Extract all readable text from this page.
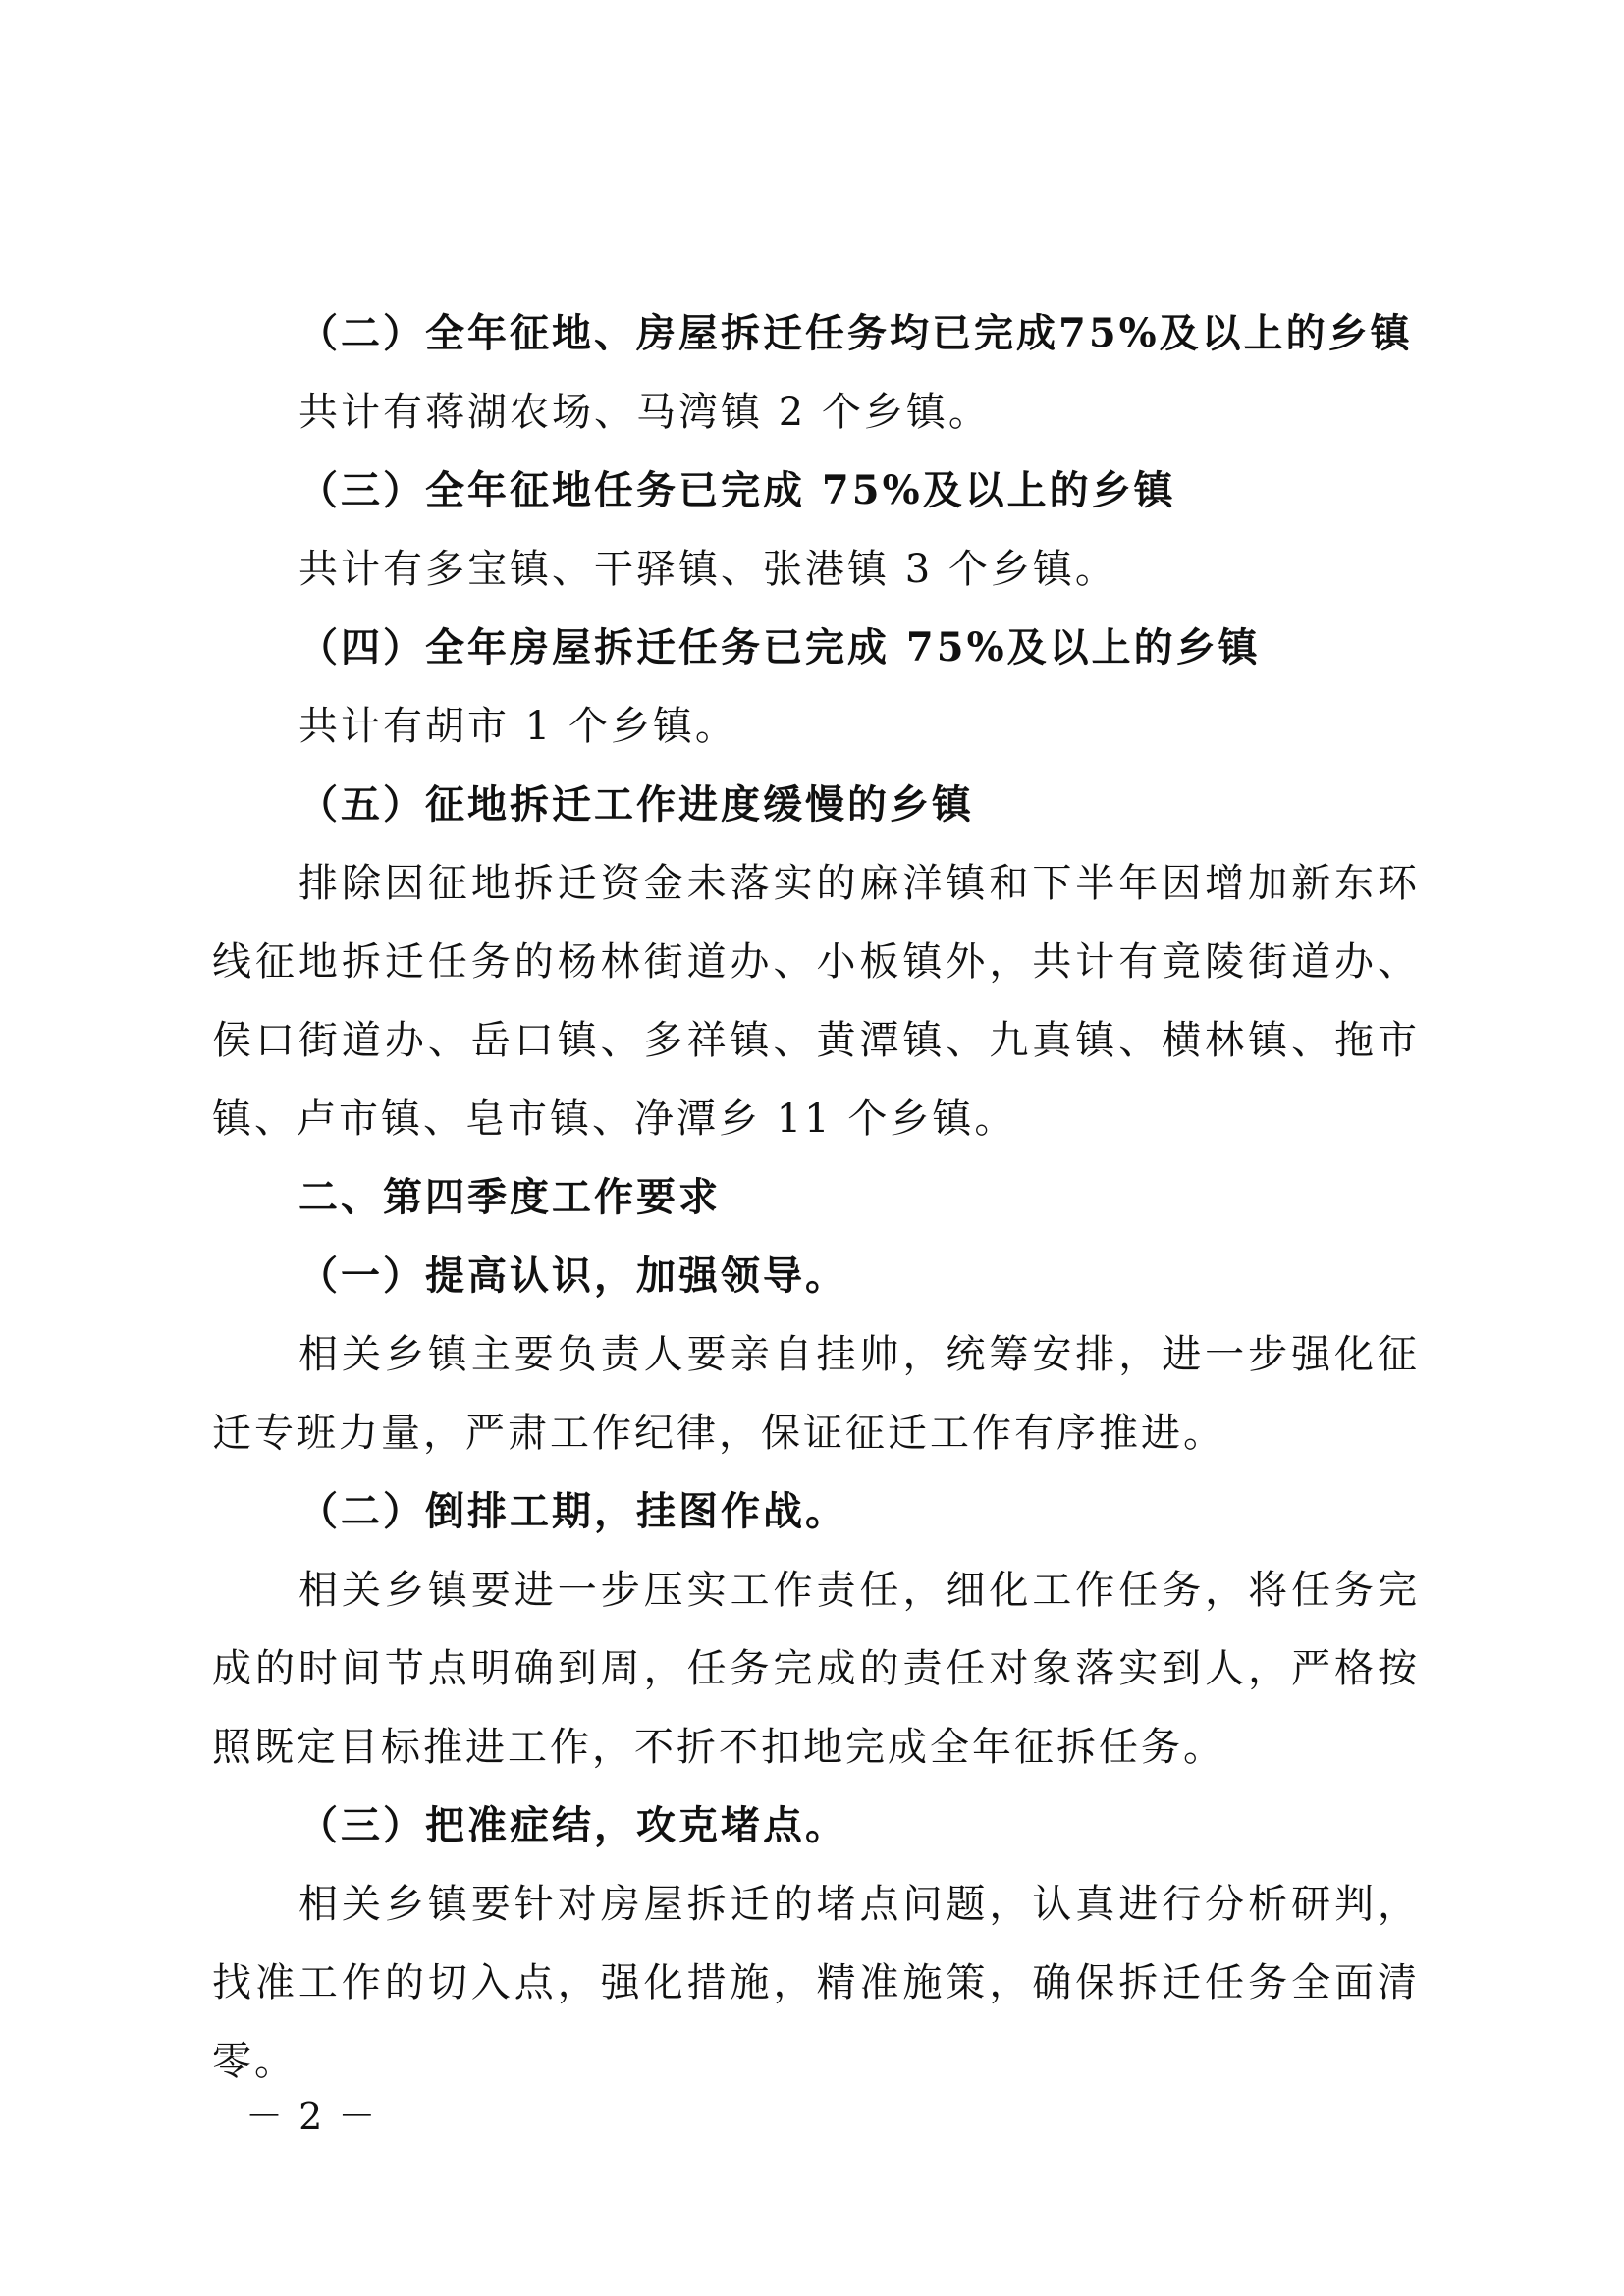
（二）全年征地、房屋拆迁任务均已完成75%及以上的乡镇

共计有蒋湖农场、马湾镇 2 个乡镇。

（三）全年征地任务已完成 75%及以上的乡镇

共计有多宝镇、干驿镇、张港镇 3 个乡镇。

（四）全年房屋拆迁任务已完成 75%及以上的乡镇

共计有胡市 1 个乡镇。

（五）征地拆迁工作进度缓慢的乡镇

排除因征地拆迁资金未落实的麻洋镇和下半年因增加新东环线征地拆迁任务的杨林街道办、小板镇外，共计有竟陵街道办、侯口街道办、岳口镇、多祥镇、黄潭镇、九真镇、横林镇、拖市镇、卢市镇、皂市镇、净潭乡 11 个乡镇。

二、第四季度工作要求

（一）提高认识，加强领导。

相关乡镇主要负责人要亲自挂帅，统筹安排，进一步强化征迁专班力量，严肃工作纪律，保证征迁工作有序推进。

（二）倒排工期，挂图作战。

相关乡镇要进一步压实工作责任，细化工作任务，将任务完成的时间节点明确到周，任务完成的责任对象落实到人，严格按照既定目标推进工作，不折不扣地完成全年征拆任务。

（三）把准症结，攻克堵点。

相关乡镇要针对房屋拆迁的堵点问题，认真进行分析研判，找准工作的切入点，强化措施，精准施策，确保拆迁任务全面清零。

－ 2 －
